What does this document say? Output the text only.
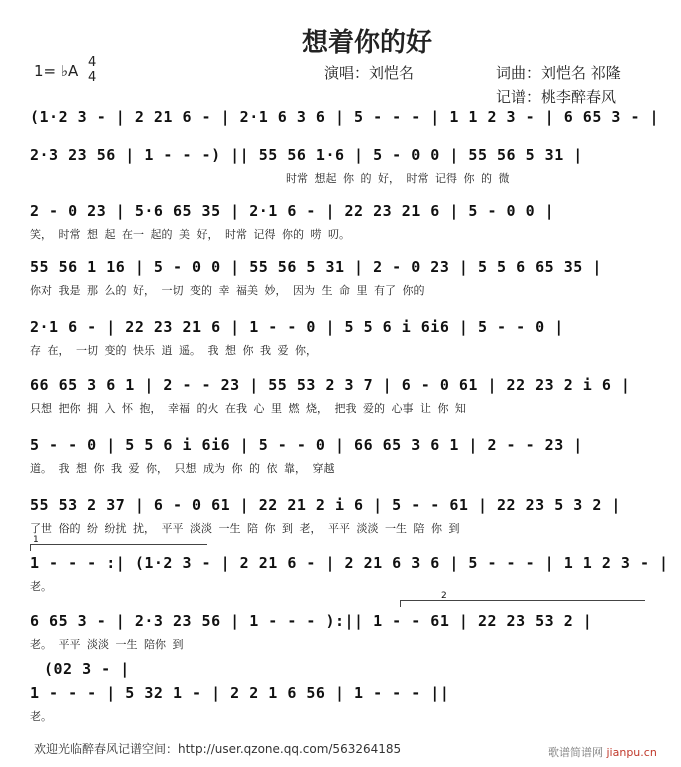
想着你的好
1= ♭A 4
4	演唱：刘恺名	词曲：刘恺名 祁隆
记谱：桃李醉春风
(1·2 3 - | 2 21 6 - | 2·1 6 3 6 | 5 - - - | 1 1 2 3 - | 6 65 3 - |
2·3 23 56 | 1 - - -) || 55 56 1·6 | 5 - 0 0 | 55 56 5 31 |
时常 想起 你 的 好， 时常 记得 你 的 微
2 - 0 23 | 5·6 65 35 | 2·1 6 - | 22 23 21 6 | 5 - 0 0 |
笑， 时常 想 起 在一 起的 美 好， 时常 记得 你的 唠 叨。
55 56 1 16 | 5 - 0 0 | 55 56 5 31 | 2 - 0 23 | 5 5 6 65 35 |
你对 我是 那 么的 好， 一切 变的 幸 福美 妙， 因为 生 命 里 有了 你的
2·1 6 - | 22 23 21 6 | 1 - - 0 | 5 5 6 i 6i6 | 5 - - 0 |
存 在， 一切 变的 快乐 逍 遥。 我 想 你 我 爱 你，
66 65 3 6 1 | 2 - - 23 | 55 53 2 3 7 | 6 - 0 61 | 22 23 2 i 6 |
只想 把你 拥 入 怀 抱， 幸福 的火 在我 心 里 燃 烧， 把我 爱的 心事 让 你 知
5 - - 0 | 5 5 6 i 6i6 | 5 - - 0 | 66 65 3 6 1 | 2 - - 23 |
道。 我 想 你 我 爱 你， 只想 成为 你 的 依 靠， 穿越
55 53 2 37 | 6 - 0 61 | 22 21 2 i 6 | 5 - - 61 | 22 23 5 3 2 |
了世 俗的 纷 纷扰 扰， 平平 淡淡 一生 陪 你 到 老， 平平 淡淡 一生 陪 你 到
1
1 - - - :| (1·2 3 - | 2 21 6 - | 2 21 6 3 6 | 5 - - - | 1 1 2 3 - |
老。
2
6 65 3 - | 2·3 23 56 | 1 - - - ):|| 1 - - 61 | 22 23 53 2 |
老。 平平 淡淡 一生 陪你 到
(02 3 - |
1 - - - | 5 32 1 - | 2 2 1 6 56 | 1 - - - ||
老。
欢迎光临醉春风记谱空间：http://user.qzone.qq.com/563264185	歌谱简谱网 jianpu.cn
